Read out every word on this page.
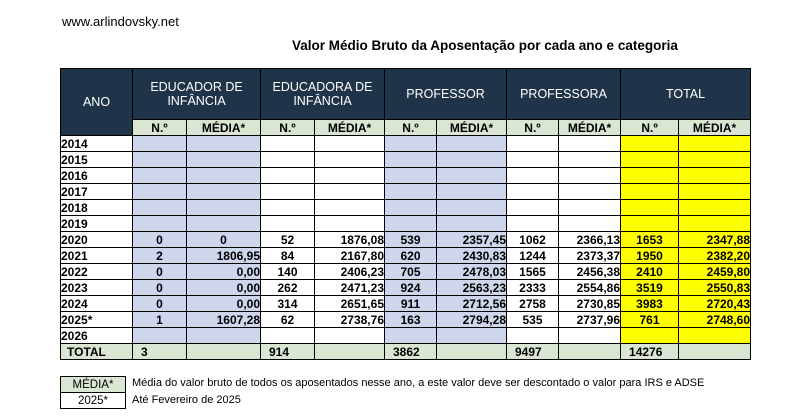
www.arlindovsky.net
Valor Médio Bruto da Aposentação por cada ano e categoria
ANO	EDUCADOR DE INFÂNCIA		EDUCADORA DE INFÂNCIA		PROFESSOR		PROFESSORA		TOTAL	
	N.º	MÉDIA*	N.º	MÉDIA*	N.º	MÉDIA*	N.º	MÉDIA*	N.º	MÉDIA*
2014										
2015										
2016										
2017										
2018										
2019										
2020	0	0	52	1876,08	539	2357,45	1062	2366,13	1653	2347,88
2021	2	1806,95	84	2167,80	620	2430,83	1244	2373,37	1950	2382,20
2022	0	0,00	140	2406,23	705	2478,03	1565	2456,38	2410	2459,80
2023	0	0,00	262	2471,23	924	2563,23	2333	2554,86	3519	2550,83
2024	0	0,00	314	2651,65	911	2712,56	2758	2730,85	3983	2720,43
2025*	1	1607,28	62	2738,76	163	2794,28	535	2737,96	761	2748,60
2026										
TOTAL	3		914		3862		9497		14276	
MÉDIA*
2025*
Média do valor bruto de todos os aposentados nesse ano, a este valor deve ser descontado o valor para IRS e ADSE
Até Fevereiro de 2025
